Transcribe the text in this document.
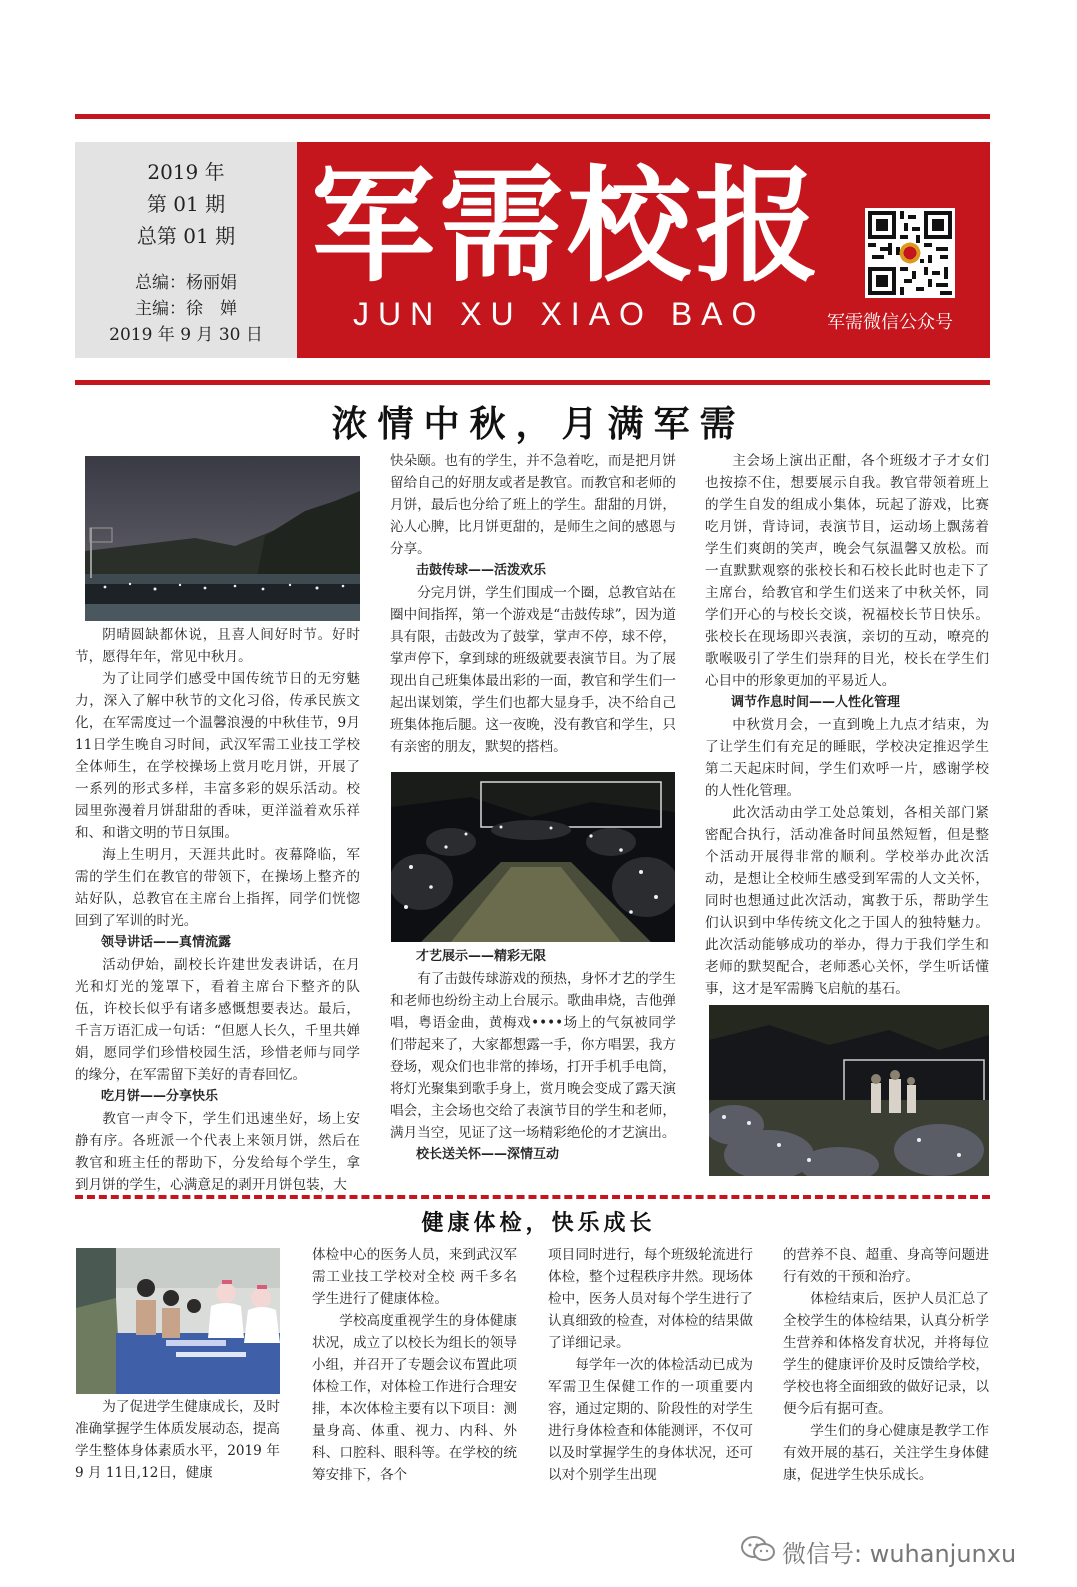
2019 年
第 01 期
总第 01 期
总编：杨丽娟
主编：徐　婵
2019 年 9 月 30 日
军需校报
JUN XU XIAO BAO	军需微信公众号
浓情中秋，月满军需

阴晴圆缺都休说，且喜人间好时节。好时节，愿得年年，常见中秋月。

为了让同学们感受中国传统节日的无穷魅力，深入了解中秋节的文化习俗，传承民族文化，在军需度过一个温馨浪漫的中秋佳节，9月11日学生晚自习时间，武汉军需工业技工学校全体师生，在学校操场上赏月吃月饼，开展了一系列的形式多样，丰富多彩的娱乐活动。校园里弥漫着月饼甜甜的香味，更洋溢着欢乐祥和、和谐文明的节日氛围。

海上生明月，天涯共此时。夜幕降临，军需的学生们在教官的带领下，在操场上整齐的站好队，总教官在主席台上指挥，同学们恍惚回到了军训的时光。

领导讲话——真情流露

活动伊始，副校长许建世发表讲话，在月光和灯光的笼罩下，看着主席台下整齐的队伍，许校长似乎有诸多感慨想要表达。最后，千言万语汇成一句话：“但愿人长久，千里共婵娟，愿同学们珍惜校园生活，珍惜老师与同学的缘分，在军需留下美好的青春回忆。

吃月饼——分享快乐

教官一声令下，学生们迅速坐好，场上安静有序。各班派一个代表上来领月饼，然后在教官和班主任的帮助下，分发给每个学生，拿到月饼的学生，心满意足的剥开月饼包装，大

快朵颐。也有的学生，并不急着吃，而是把月饼留给自己的好朋友或者是教官。而教官和老师的月饼，最后也分给了班上的学生。甜甜的月饼，沁人心脾，比月饼更甜的，是师生之间的感恩与分享。

击鼓传球——活泼欢乐

分完月饼，学生们围成一个圈，总教官站在圈中间指挥，第一个游戏是“击鼓传球”，因为道具有限，击鼓改为了鼓掌，掌声不停，球不停，掌声停下，拿到球的班级就要表演节目。为了展现出自己班集体最出彩的一面，教官和学生们一起出谋划策，学生们也都大显身手，决不给自己班集体拖后腿。这一夜晚，没有教官和学生，只有亲密的朋友，默契的搭档。

才艺展示——精彩无限

有了击鼓传球游戏的预热，身怀才艺的学生和老师也纷纷主动上台展示。歌曲串烧，吉他弹唱，粤语金曲，黄梅戏••••场上的气氛被同学们带起来了，大家都想露一手，你方唱罢，我方登场，观众们也非常的捧场，打开手机手电筒，将灯光聚集到歌手身上，赏月晚会变成了露天演唱会，主会场也交给了表演节目的学生和老师，满月当空，见证了这一场精彩绝伦的才艺演出。

校长送关怀——深情互动

主会场上演出正酣，各个班级才子才女们也按捺不住，想要展示自我。教官带领着班上的学生自发的组成小集体，玩起了游戏，比赛吃月饼，背诗词，表演节目，运动场上飘荡着学生们爽朗的笑声，晚会气氛温馨又放松。而一直默默观察的张校长和石校长此时也走下了主席台，给教官和学生们送来了中秋关怀，同学们开心的与校长交谈，祝福校长节日快乐。张校长在现场即兴表演，亲切的互动，嘹亮的歌喉吸引了学生们崇拜的目光，校长在学生们心目中的形象更加的平易近人。

调节作息时间——人性化管理

中秋赏月会，一直到晚上九点才结束，为了让学生们有充足的睡眠，学校决定推迟学生第二天起床时间，学生们欢呼一片，感谢学校的人性化管理。

此次活动由学工处总策划，各相关部门紧密配合执行，活动准备时间虽然短暂，但是整个活动开展得非常的顺利。学校举办此次活动，是想让全校师生感受到军需的人文关怀，同时也想通过此次活动，寓教于乐，帮助学生们认识到中华传统文化之于国人的独特魅力。此次活动能够成功的举办，得力于我们学生和老师的默契配合，老师悉心关怀，学生听话懂事，这才是军需腾飞启航的基石。

健康体检，快乐成长

为了促进学生健康成长，及时准确掌握学生体质发展动态，提高学生整体身体素质水平，2019 年 9 月 11日,12日，健康

体检中心的医务人员，来到武汉军需工业技工学校对全校 两千多名学生进行了健康体检。

学校高度重视学生的身体健康状况，成立了以校长为组长的领导小组，并召开了专题会议布置此项体检工作，对体检工作进行合理安排，本次体检主要有以下项目：测量身高、体重、视力、内科、外科、口腔科、眼科等。在学校的统筹安排下，各个

项目同时进行，每个班级轮流进行体检，整个过程秩序井然。现场体检中，医务人员对每个学生进行了认真细致的检查，对体检的结果做了详细记录。

每学年一次的体检活动已成为军需卫生保健工作的一项重要内容，通过定期的、阶段性的对学生进行身体检查和体能测评，不仅可以及时掌握学生的身体状况，还可以对个别学生出现

的营养不良、超重、身高等问题进行有效的干预和治疗。

体检结束后，医护人员汇总了全校学生的体检结果，认真分析学生营养和体格发育状况，并将每位学生的健康评价及时反馈给学校，学校也将全面细致的做好记录，以便今后有据可查。

学生们的身心健康是教学工作有效开展的基石，关注学生身体健康，促进学生快乐成长。

微信号: wuhanjunxu
